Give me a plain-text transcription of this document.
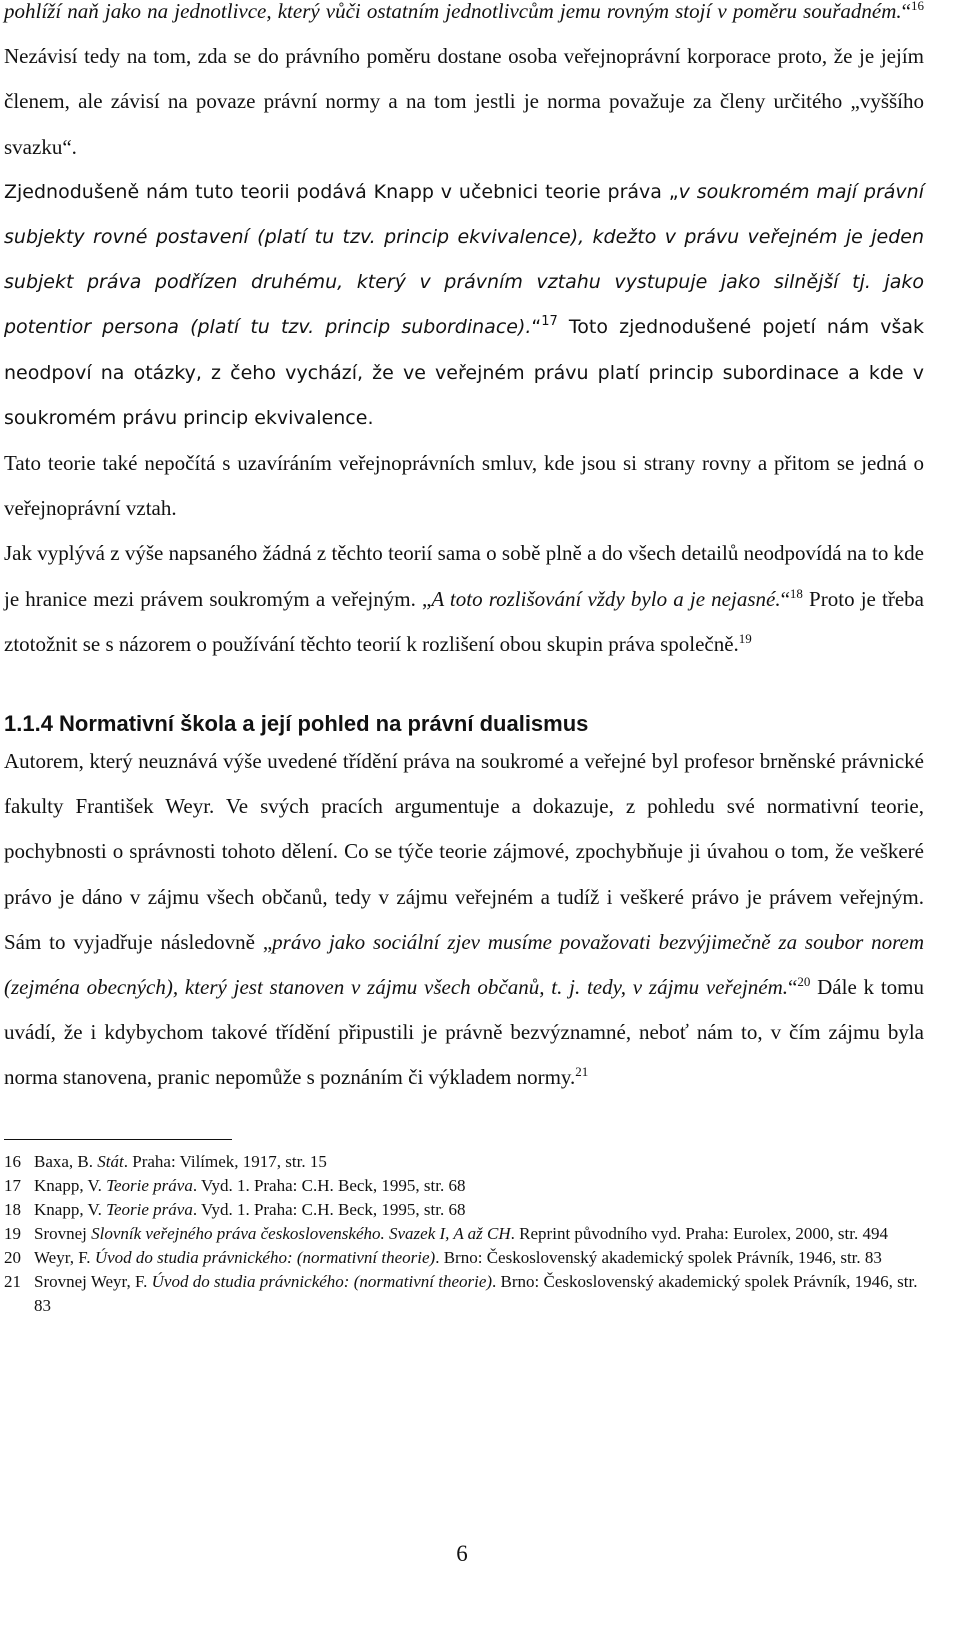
pohlíží naň jako na jednotlivce, který vůči ostatním jednotlivcům jemu rovným stojí v poměru souřadném.“$^{16}$ Nezávisí tedy na tom, zda se do právního poměru dostane osoba veřejnoprávní korporace proto, že je jejím členem, ale závisí na povaze právní normy a na tom jestli je norma považuje za členy určitého „vyššího svazku“.

Zjednodušeně nám tuto teorii podává Knapp v učebnici teorie práva „v soukromém mají právní subjekty rovné postavení (platí tu tzv. princip ekvivalence), kdežto v právu veřejném je jeden subjekt práva podřízen druhému, který v právním vztahu vystupuje jako silnější tj. jako potentior persona (platí tu tzv. princip subordinace).“$^{17}$ Toto zjednodušené pojetí nám však neodpoví na otázky, z čeho vychází, že ve veřejném právu platí princip subordinace a kde v soukromém právu princip ekvivalence.

Tato teorie také nepočítá s uzavíráním veřejnoprávních smluv, kde jsou si strany rovny a přitom se jedná o veřejnoprávní vztah.

Jak vyplývá z výše napsaného žádná z těchto teorií sama o sobě plně a do všech detailů neodpovídá na to kde je hranice mezi právem soukromým a veřejným. „A toto rozlišování vždy bylo a je nejasné.“$^{18}$ Proto je třeba ztotožnit se s názorem o používání těchto teorií k rozlišení obou skupin práva společně.$^{19}$

1.1.4 Normativní škola a její pohled na právní dualismus

Autorem, který neuznává výše uvedené třídění práva na soukromé a veřejné byl profesor brněnské právnické fakulty František Weyr. Ve svých pracích argumentuje a dokazuje, z pohledu své normativní teorie, pochybnosti o správnosti tohoto dělení. Co se týče teorie zájmové, zpochybňuje ji úvahou o tom, že veškeré právo je dáno v zájmu všech občanů, tedy v zájmu veřejném a tudíž i veškeré právo je právem veřejným. Sám to vyjadřuje následovně „právo jako sociální zjev musíme považovati bezvýjimečně za soubor norem (zejména obecných), který jest stanoven v zájmu všech občanů, t. j. tedy, v zájmu veřejném.“$^{20}$ Dále k tomu uvádí, že i kdybychom takové třídění připustili je právně bezvýznamné, neboť nám to, v čím zájmu byla norma stanovena, pranic nepomůže s poznáním či výkladem normy.$^{21}$

16 Baxa, B. Stát. Praha: Vilímek, 1917, str. 15
17 Knapp, V. Teorie práva. Vyd. 1. Praha: C.H. Beck, 1995, str. 68
18 Knapp, V. Teorie práva. Vyd. 1. Praha: C.H. Beck, 1995, str. 68
19 Srovnej Slovník veřejného práva československého. Svazek I, A až CH. Reprint původního vyd. Praha: Eurolex, 2000, str. 494
20 Weyr, F. Úvod do studia právnického: (normativní theorie). Brno: Československý akademický spolek Právník, 1946, str. 83
21 Srovnej Weyr, F. Úvod do studia právnického: (normativní theorie). Brno: Československý akademický spolek Právník, 1946, str. 83
6
